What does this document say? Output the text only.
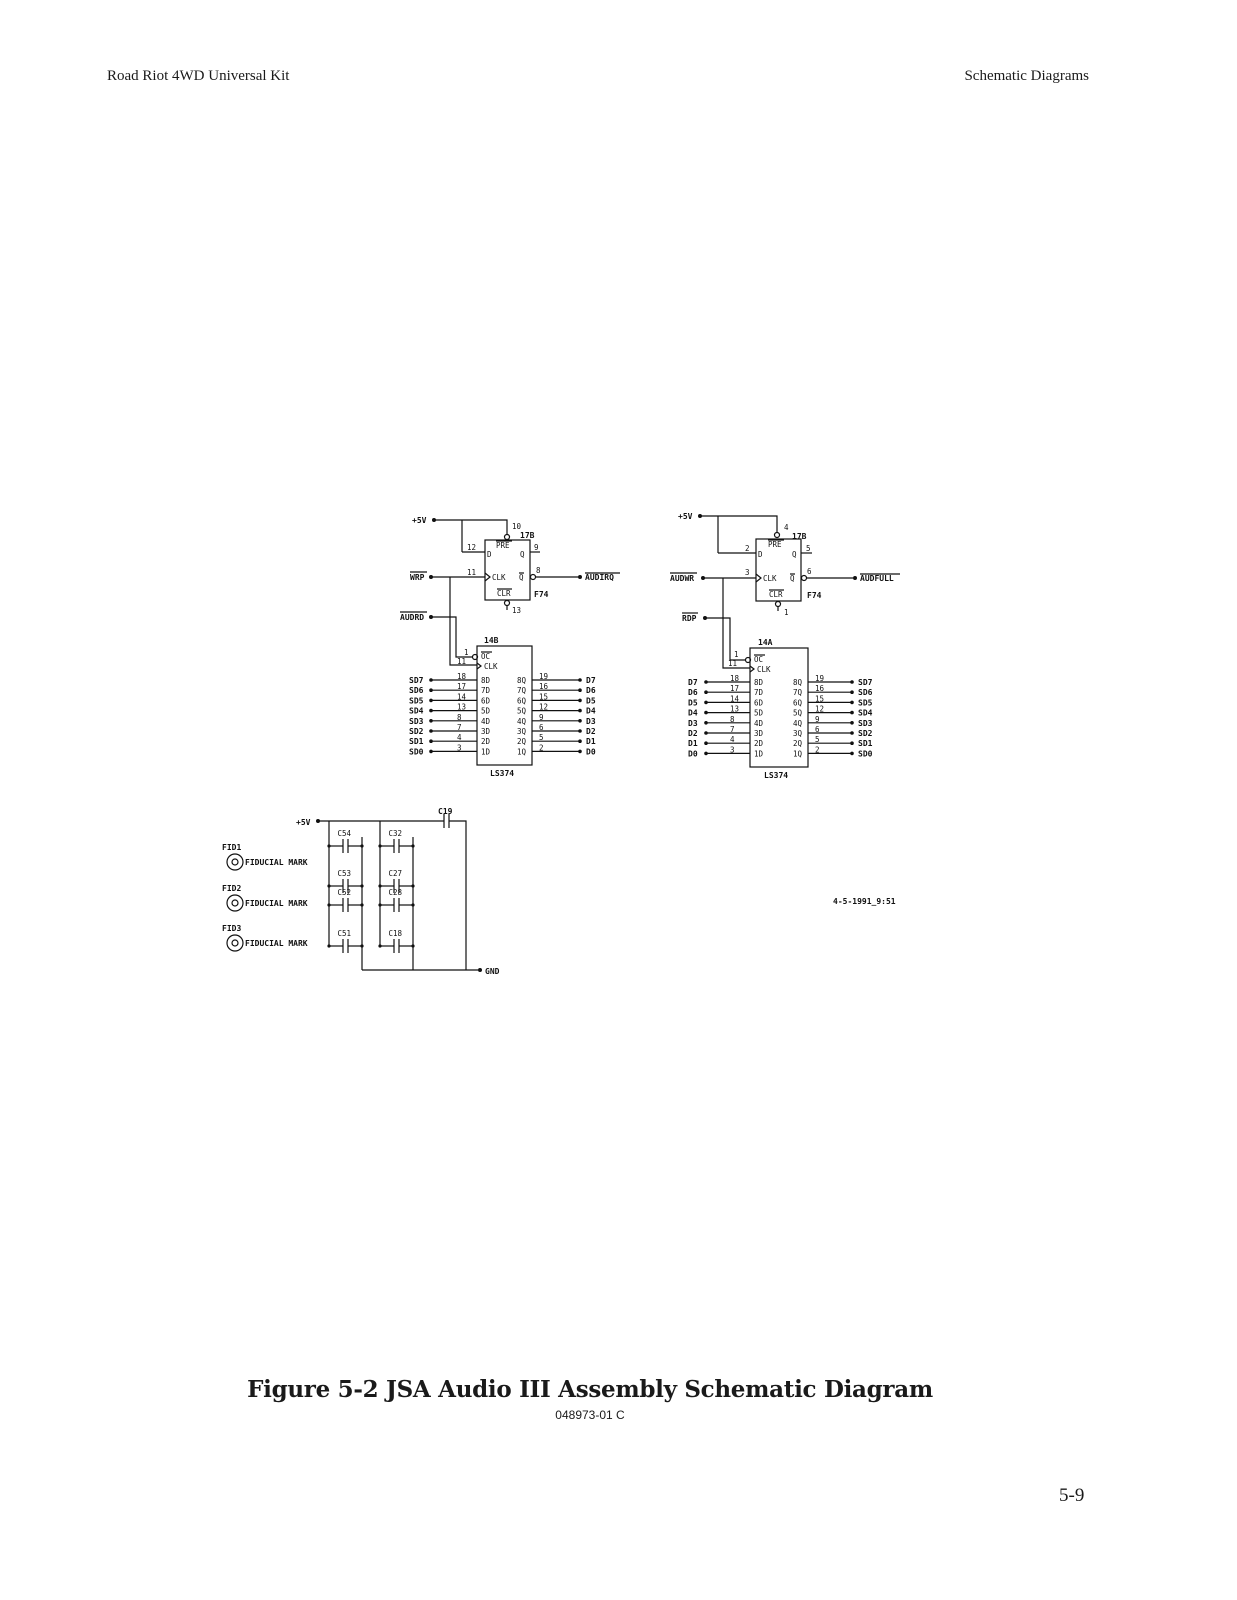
Road Riot 4WD Universal Kit	Schematic Diagrams
+5V
10
17B
PRE
D	Q
12	9
CLK Q
8
AUDIRQ
CLR	F74
13
WRP
11
AUDRD
14B
1 OC
11
CLK
LS374
SD7	18 8D	8Q 19	D7
SD6	17 7D	7Q 16	D6
SD5	14 6D	6Q 15	D5
SD4	13 5D	5Q 12	D4
SD3	8	4D	4Q 9	D3
SD2	7	3D	3Q 6	D2
SD1	4	2D	2Q 5	D1
SD0	3	1D	1Q 2	D0
+5V
4
17B
PRE
D	Q
2	5
CLK Q
6
AUDFULL
CLR	F74
1
AUDWR
3
RDP
14A
1
OC
11
CLK
LS374
D7	18 8D	8Q 19	SD7
D6	17 7D	7Q 16	SD6
D5	14 6D	6Q 15	SD5
D4	13 5D	5Q 12	SD4
D3	8	4D	4Q 9	SD3
D2	7	3D	3Q 6	SD2
D1	4	2D	2Q 5	SD1
D0	3	1D	1Q 2	SD0
+5V
C19
GND
C54
C53
C52
C51
C32
C27
C28
C18
FID1
FIDUCIAL MARK
FID2
FIDUCIAL MARK
FID3
FIDUCIAL MARK
4-5-1991_9:51
Figure 5-2 JSA Audio III Assembly Schematic Diagram
048973-01 C
5-9
